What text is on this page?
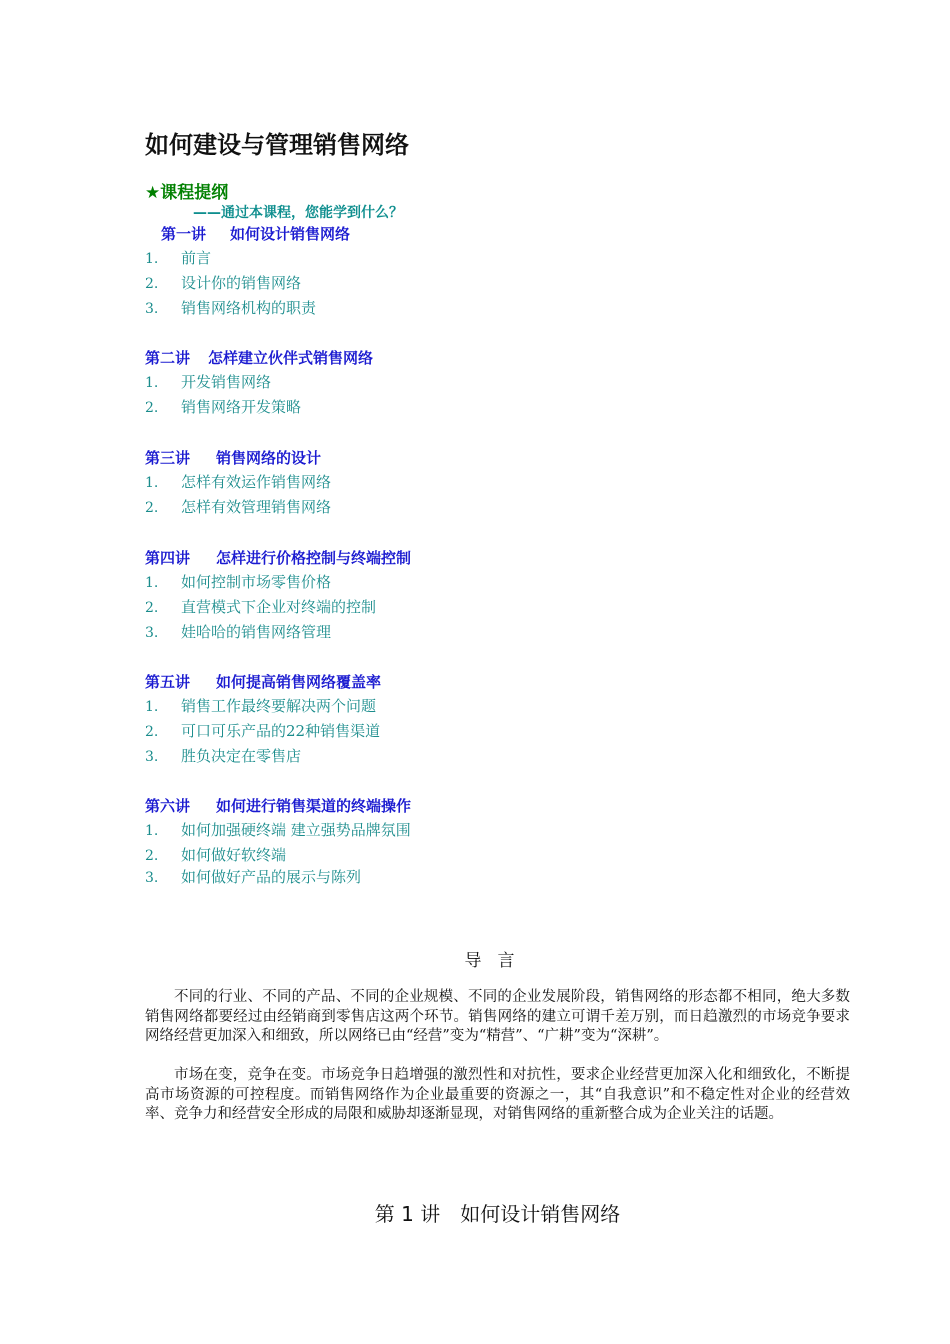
如何建设与管理销售网络
★课程提纲
——通过本课程，您能学到什么？
第一讲 如何设计销售网络
1. 前言
2. 设计你的销售网络
3. 销售网络机构的职责
第二讲 怎样建立伙伴式销售网络
1. 开发销售网络
2. 销售网络开发策略
第三讲 销售网络的设计
1. 怎样有效运作销售网络
2. 怎样有效管理销售网络
第四讲 怎样进行价格控制与终端控制
1. 如何控制市场零售价格
2. 直营模式下企业对终端的控制
3. 娃哈哈的销售网络管理
第五讲 如何提高销售网络覆盖率
1. 销售工作最终要解决两个问题
2. 可口可乐产品的22种销售渠道
3. 胜负决定在零售店
第六讲 如何进行销售渠道的终端操作
1. 如何加强硬终端 建立强势品牌氛围
2. 如何做好软终端
3. 如何做好产品的展示与陈列
导言

不同的行业、不同的产品、不同的企业规模、不同的企业发展阶段，销售网络的形态都不相同，绝大多数销售网络都要经过由经销商到零售店这两个环节。销售网络的建立可谓千差万别，而日趋激烈的市场竞争要求网络经营更加深入和细致，所以网络已由“经营”变为“精营”、“广耕”变为“深耕”。

市场在变，竞争在变。市场竞争日趋增强的激烈性和对抗性，要求企业经营更加深入化和细致化，不断提高市场资源的可控程度。而销售网络作为企业最重要的资源之一，其“自我意识”和不稳定性对企业的经营效率、竞争力和经营安全形成的局限和威胁却逐渐显现，对销售网络的重新整合成为企业关注的话题。

第 1 讲　如何设计销售网络
